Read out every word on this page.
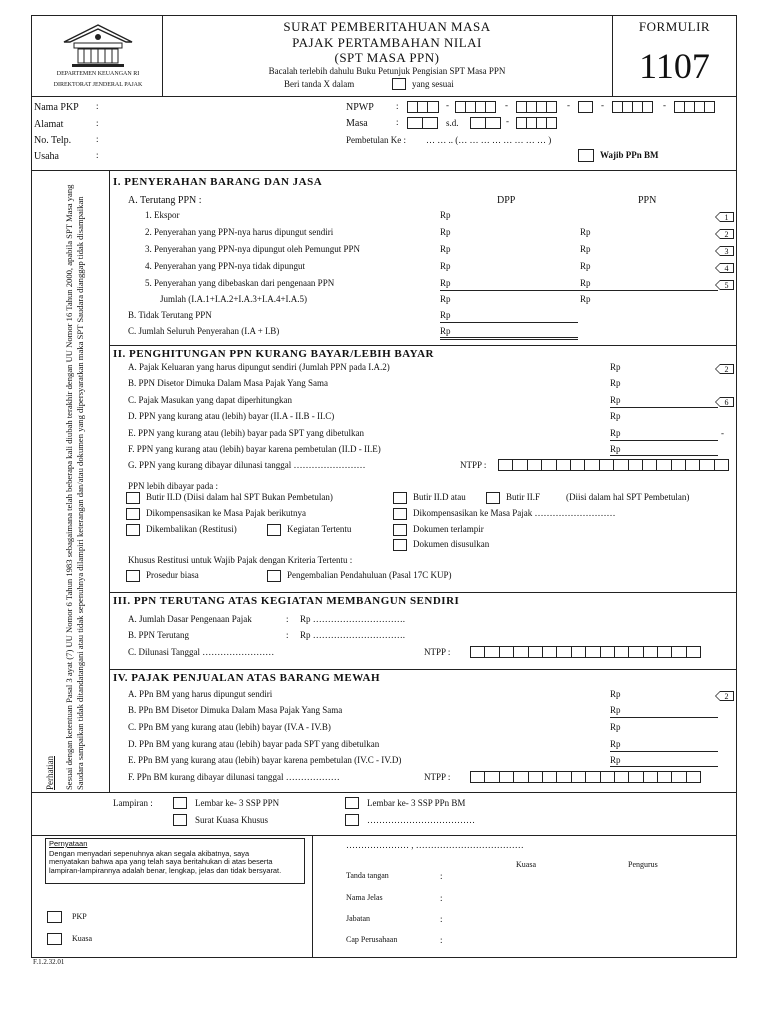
DEPARTEMEN KEUANGAN RI
DIREKTORAT JENDERAL PAJAK
SURAT PEMBERITAHUAN MASA
PAJAK PERTAMBAHAN NILAI
(SPT MASA PPN)
Bacalah terlebih dahulu Buku Petunjuk Pengisian SPT Masa PPN
Beri tanda X dalam	yang sesuai
FORMULIR
1107
Nama PKP :
Alamat	:
No. Telp.	:
Usaha	:
NPWP :	-	-	-	-	-
Masa	:	s.d.	-
Pembetulan Ke : … … .. (… … … … … … … … )
Wajib PPn BM
Perhatian Sesuai dengan ketentuan Pasal 3 ayat (7) UU Nomor 6 Tahun 1983 sebagaimana telah beberapa kali diubah terakhir dengan UU Nomor 16 Tahun 2000, apabila SPT Masa yang Saudara sampaikan tidak ditandatangani atau tidak sepenuhnya dilampiri keterangan dan/atau dokumen yang dipersyaratkan maka SPT Saudara dianggap tidak disampaikan
I. PENYERAHAN BARANG DAN JASA
A. Terutang PPN :	DPP	PPN
1. Ekspor	Rp	1
2. Penyerahan yang PPN-nya harus dipungut sendiri	Rp	Rp	2
3. Penyerahan yang PPN-nya dipungut oleh Pemungut PPN	Rp	Rp	3
4. Penyerahan yang PPN-nya tidak dipungut	Rp	Rp	4
5. Penyerahan yang dibebaskan dari pengenaan PPN	Rp	Rp	5
Jumlah (I.A.1+I.A.2+I.A.3+I.A.4+I.A.5)	Rp	Rp
B. Tidak Terutang PPN	Rp
C. Jumlah Seluruh Penyerahan (I.A + I.B)	Rp
II. PENGHITUNGAN PPN KURANG BAYAR/LEBIH BAYAR
A. Pajak Keluaran yang harus dipungut sendiri (Jumlah PPN pada I.A.2)	Rp	2
B. PPN Disetor Dimuka Dalam Masa Pajak Yang Sama	Rp
C. Pajak Masukan yang dapat diperhitungkan	Rp	6
D. PPN yang kurang atau (lebih) bayar (II.A - II.B - II.C)	Rp
E. PPN yang kurang atau (lebih) bayar pada SPT yang dibetulkan	Rp	-
F. PPN yang kurang atau (lebih) bayar karena pembetulan (II.D - II.E)	Rp
G. PPN yang kurang dibayar dilunasi tanggal ……………………	NTPP :
PPN lebih dibayar pada :
Butir II.D (Diisi dalam hal SPT Bukan Pembetulan)	Butir II.D atau	Butir II.F	(Diisi dalam hal SPT Pembetulan)
Dikompensasikan ke Masa Pajak berikutnya	Dikompensasikan ke Masa Pajak ………………………
Dikembalikan (Restitusi)	Kegiatan Tertentu	Dokumen terlampir
Dokumen disusulkan
Khusus Restitusi untuk Wajib Pajak dengan Kriteria Tertentu :
Prosedur biasa	Pengembalian Pendahuluan (Pasal 17C KUP)
III. PPN TERUTANG ATAS KEGIATAN MEMBANGUN SENDIRI
A. Jumlah Dasar Pengenaan Pajak	: Rp ………………………….
B. PPN Terutang	: Rp ………………………….
C. Dilunasi Tanggal ……………………	NTPP :
IV. PAJAK PENJUALAN ATAS BARANG MEWAH
A. PPn BM yang harus dipungut sendiri	Rp	2
B. PPn BM Disetor Dimuka Dalam Masa Pajak Yang Sama	Rp
C. PPn BM yang kurang atau (lebih) bayar (IV.A - IV.B)	Rp
D. PPn BM yang kurang atau (lebih) bayar pada SPT yang dibetulkan	Rp
E. PPn BM yang kurang atau (lebih) bayar karena pembetulan (IV.C - IV.D)	Rp
F. PPn BM kurang dibayar dilunasi tanggal ………………	NTPP :
Lampiran :	Lembar ke- 3 SSP PPN	Lembar ke- 3 SSP PPn BM
Surat Kuasa Khusus	………………………………
Pernyataan
Dengan menyadari sepenuhnya akan segala akibatnya, saya menyatakan bahwa apa yang telah saya beritahukan di atas beserta lampiran-lampirannya adalah benar, lengkap, jelas dan tidak bersyarat.
PKP
Kuasa
………………… , ………………………………
Kuasa	Pengurus
Tanda tangan	:
Nama Jelas	:
Jabatan	:
Cap Perusahaan	:
F.1.2.32.01
